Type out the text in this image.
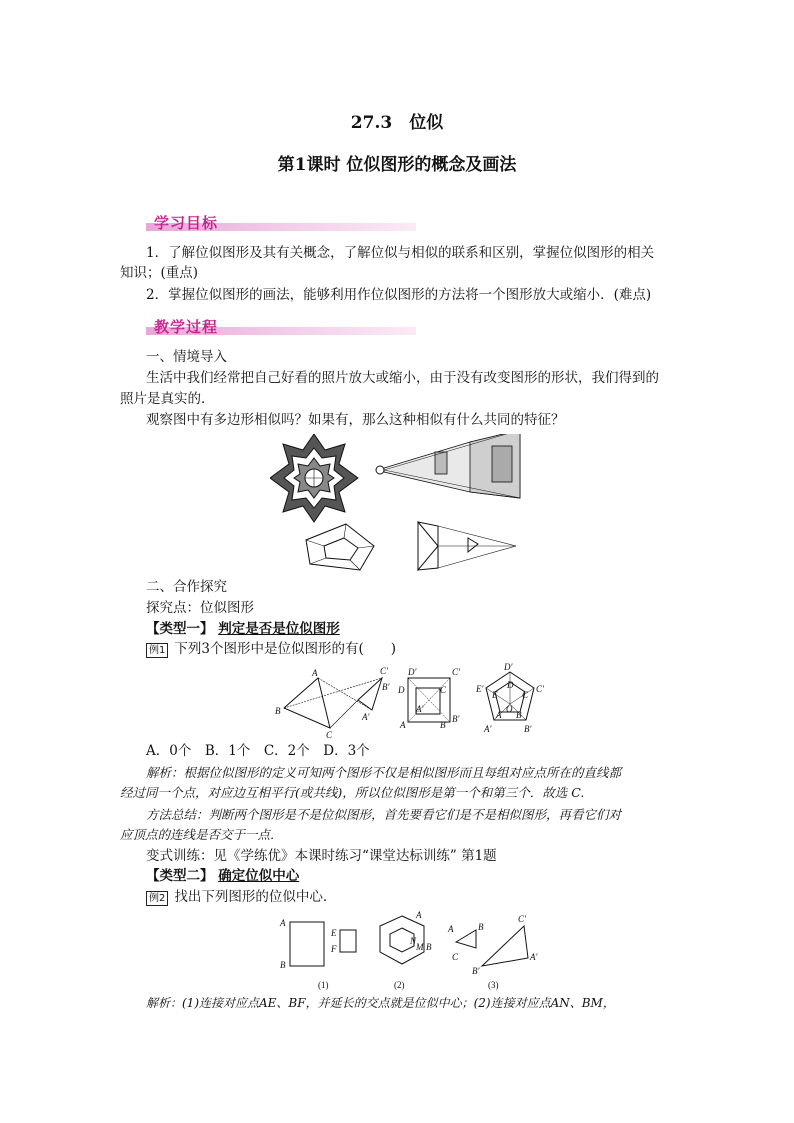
27.3　位似
第1课时 位似图形的概念及画法
学习目标
1．了解位似图形及其有关概念，了解位似与相似的联系和区别，掌握位似图形的相关
知识；(重点)
2．掌握位似图形的画法，能够利用作位似图形的方法将一个图形放大或缩小．(难点)
教学过程
一、情境导入
生活中我们经常把自己好看的照片放大或缩小，由于没有改变图形的形状，我们得到的
照片是真实的．
观察图中有多边形相似吗？如果有，那么这种相似有什么共同的特征？
二、合作探究
探究点：位似图形
【类型一】 判定是否是位似图形
例1 下列3个图形中是位似图形的有(　　)
A
B
C
C′
B′
A′
D′	C′
D	C
A′
A	B
B′
D′
D	C′
C
E′
E
O
A B
A′	B′
A．0个　B．1个　C．2个　D．3个
解析：根据位似图形的定义可知两个图形不仅是相似图形而且每组对应点所在的直线都
经过同一个点，对应边互相平行(或共线)，所以位似图形是第一个和第三个．故选 C.
方法总结：判断两个图形是不是位似图形，首先要看它们是不是相似图形，再看它们对
应顶点的连线是否交于一点．
变式训练：见《学练优》本课时练习“课堂达标训练” 第1题
【类型二】 确定位似中心
例2 找出下列图形的位似中心．
A
B
E
F
(1)
A
B
N
M
(2)
A	B
C
C′
A′
B′
(3)
解析：(1)连接对应点AE、BF，并延长的交点就是位似中心；(2)连接对应点AN、BM，
